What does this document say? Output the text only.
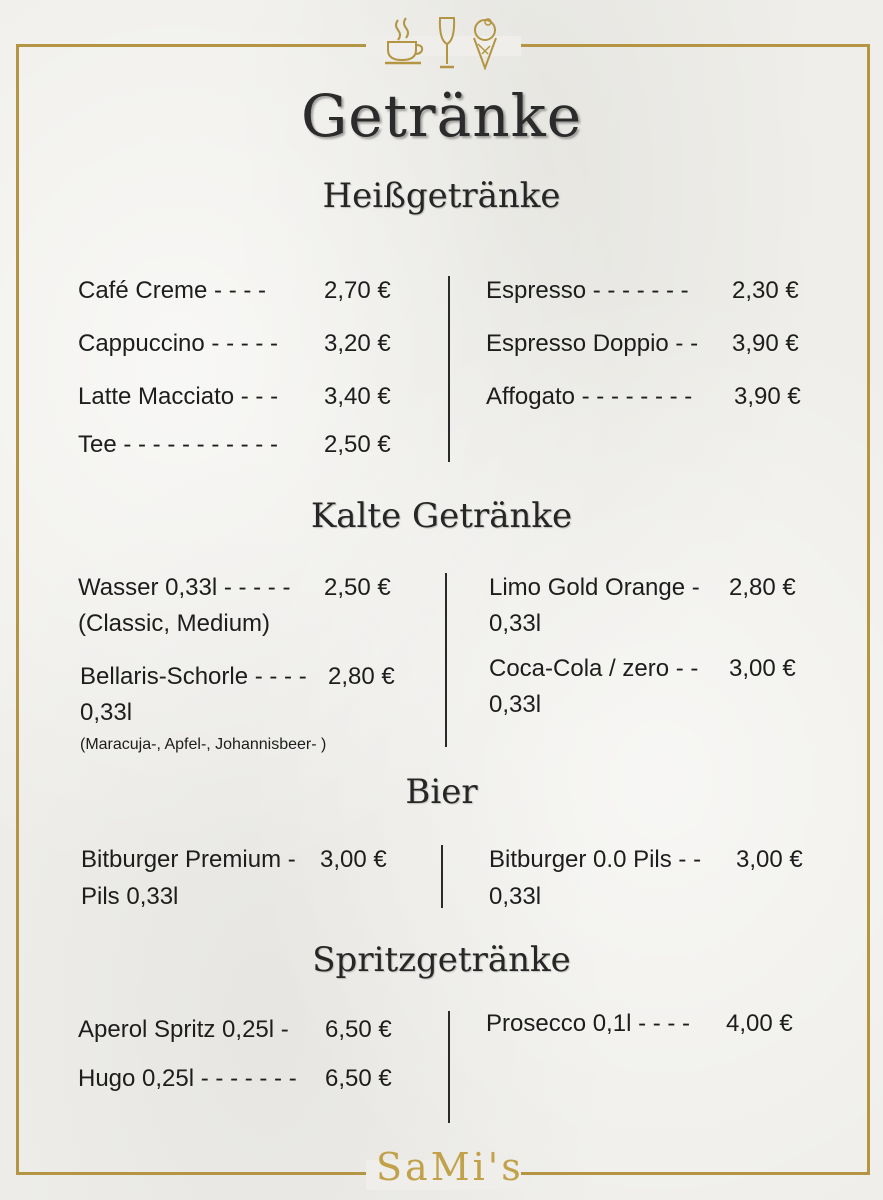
Getränke
Heißgetränke
Café Creme - - - - 2,70 €
Cappuccino - - - - - 3,20 €
Latte Macciato - - - 3,40 €
Tee - - - - - - - - - - - 2,50 €
Espresso - - - - - - - 2,30 €
Espresso Doppio - - 3,90 €
Affogato - - - - - - - - 3,90 €
Kalte Getränke
Wasser 0,33l - - - - - 2,50 €
(Classic, Medium)
Bellaris-Schorle - - - - 2,80 €
0,33l
(Maracuja-, Apfel-, Johannisbeer- )
Limo Gold Orange - 2,80 €
0,33l
Coca-Cola / zero - - 3,00 €
0,33l
Bier
Bitburger Premium - 3,00 €
Pils 0,33l
Bitburger 0.0 Pils - - 3,00 €
0,33l
Spritzgetränke
Aperol Spritz 0,25l - 6,50 €
Hugo 0,25l - - - - - - - 6,50 €
Prosecco 0,1l - - - - 4,00 €
SaMi's
